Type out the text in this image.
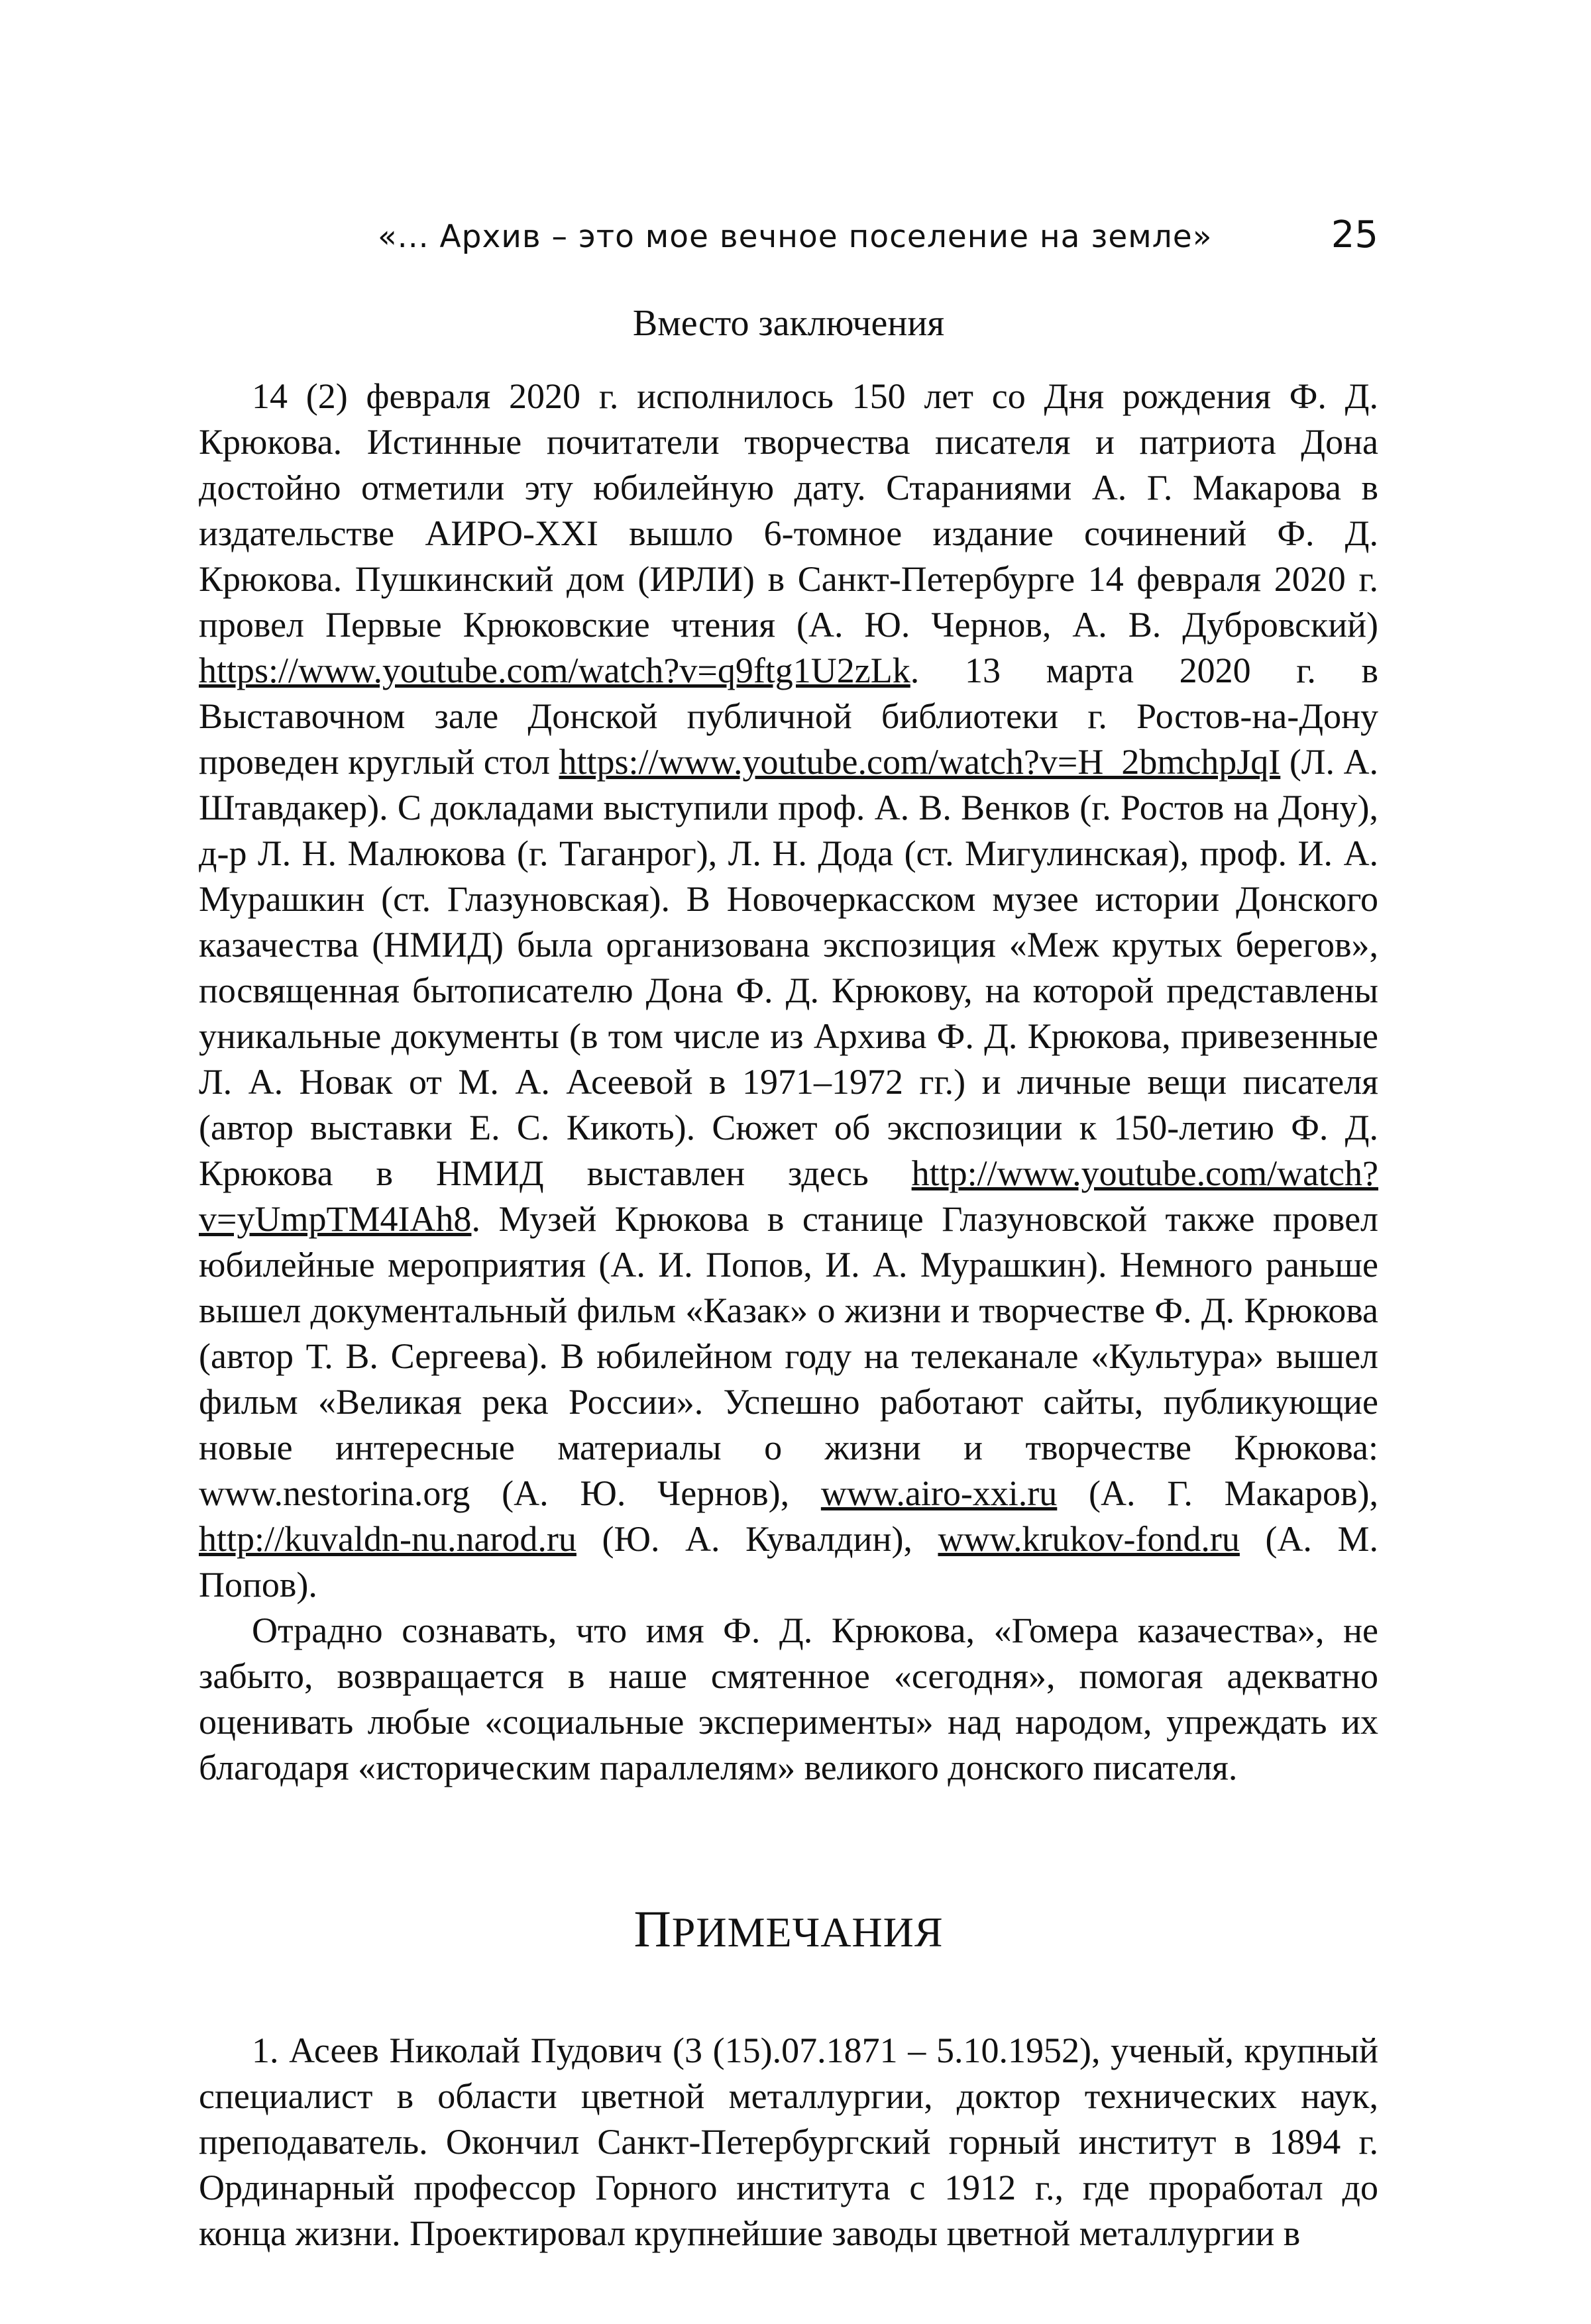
«... Архив – это мое вечное поселение на земле»	25
Вместо заключения

14 (2) февраля 2020 г. исполнилось 150 лет со Дня рождения Ф. Д. Крюкова. Истинные почитатели творчества писателя и патриота Дона достойно отметили эту юбилейную дату. Стараниями А. Г. Макарова в издательстве АИРО-XXI вышло 6-томное издание сочинений Ф. Д. Крюкова. Пушкинский дом (ИРЛИ) в Санкт-Петербурге 14 февраля 2020 г. провел Первые Крюковские чтения (А. Ю. Чернов, А. В. Дубровский) https://www.youtube.com/watch?v=q9ftg1U2zLk. 13 марта 2020 г. в Выставочном зале Донской публичной библиотеки г. Ростов-на-Дону проведен круглый стол https://www.youtube.com/watch?v=H_2bmchpJqI (Л. А. Штавдакер). С докладами выступили проф. А. В. Венков (г. Ростов на Дону), д-р Л. Н. Малюкова (г. Таганрог), Л. Н. Дода (ст. Мигулинская), проф. И. А. Мурашкин (ст. Глазуновская). В Новочеркасском музее истории Донского казачества (НМИД) была организована экспозиция «Меж крутых берегов», посвященная бытописателю Дона Ф. Д. Крюкову, на которой представлены уникальные документы (в том числе из Архива Ф. Д. Крюкова, привезенные Л. А. Новак от М. А. Асеевой в 1971–1972 гг.) и личные вещи писателя (автор выставки Е. С. Кикоть). Сюжет об экспозиции к 150-летию Ф. Д. Крюкова в НМИД выставлен здесь http://www.youtube.com/watch?v=yUmpTM4IAh8. Музей Крюкова в станице Глазуновской также провел юбилейные мероприятия (А. И. Попов, И. А. Мурашкин). Немного раньше вышел документальный фильм «Казак» о жизни и творчестве Ф. Д. Крюкова (автор Т. В. Сергеева). В юбилейном году на телеканале «Культура» вышел фильм «Великая река России». Успешно работают сайты, публикующие новые интересные материалы о жизни и творчестве Крюкова: www.nestorina.org (А. Ю. Чернов), www.airo-xxi.ru (А. Г. Макаров), http://kuvaldn-nu.narod.ru (Ю. А. Кувалдин), www.krukov-fond.ru (А. М. Попов).

Отрадно сознавать, что имя Ф. Д. Крюкова, «Гомера казачества», не забыто, возвращается в наше смятенное «сегодня», помогая адекватно оценивать любые «социальные эксперименты» над народом, упреждать их благодаря «историческим параллелям» великого донского писателя.

ПРИМЕЧАНИЯ

1. Асеев Николай Пудович (3 (15).07.1871 – 5.10.1952), ученый, крупный специалист в области цветной металлургии, доктор технических наук, преподаватель. Окончил Санкт-Петербургский горный институт в 1894 г. Ординарный профессор Горного института с 1912 г., где проработал до конца жизни. Проектировал крупнейшие заводы цветной металлургии в
